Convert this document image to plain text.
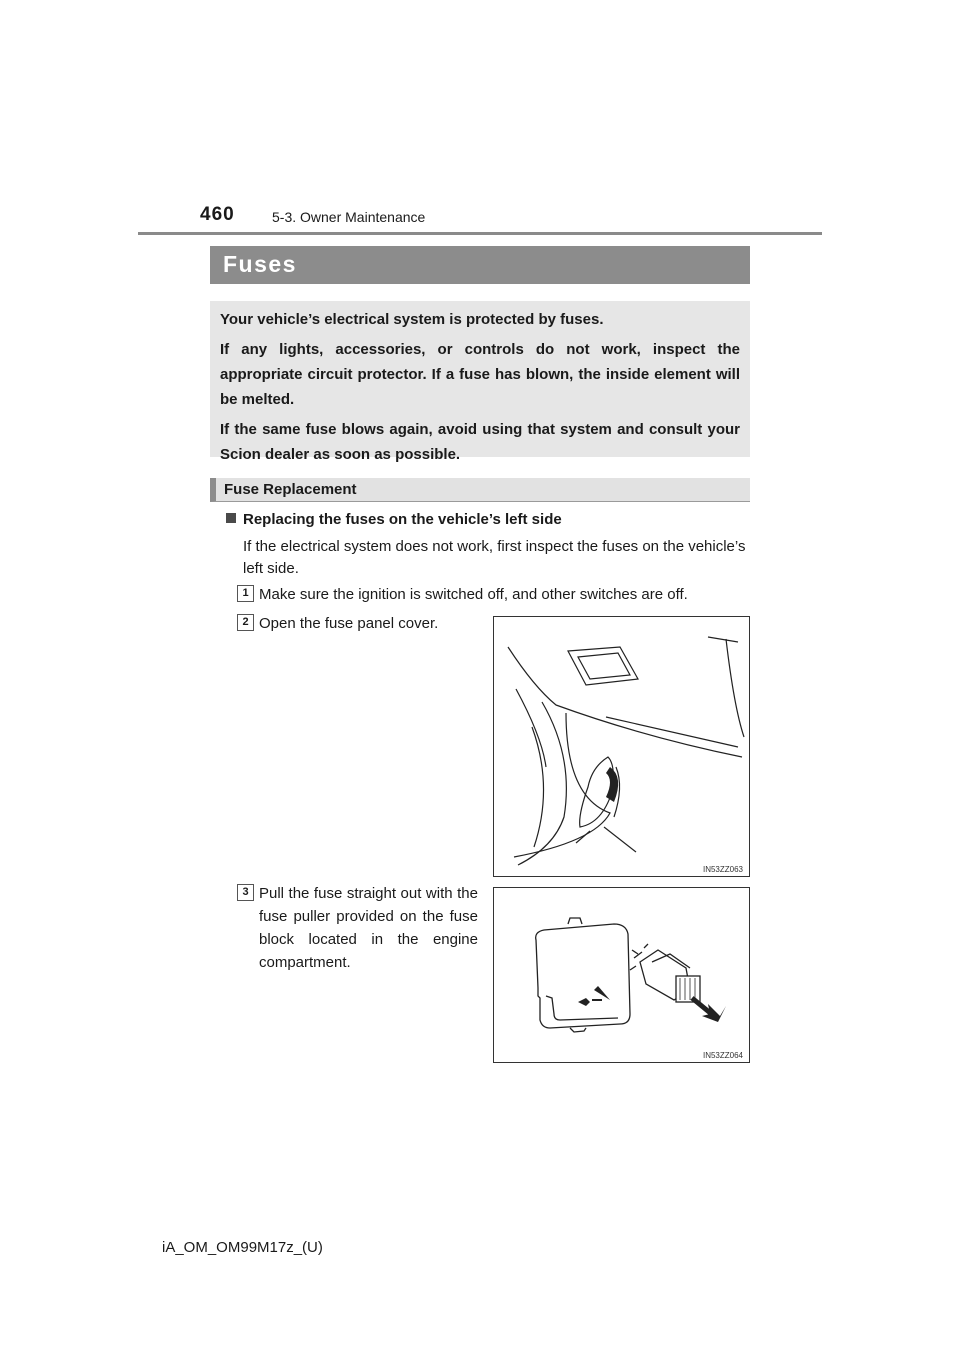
460	5-3. Owner Maintenance
Fuses

Your vehicle’s electrical system is protected by fuses.

If any lights, accessories, or controls do not work, inspect the appropriate circuit protector. If a fuse has blown, the inside element will be melted.

If the same fuse blows again, avoid using that system and consult your Scion dealer as soon as possible.

Fuse Replacement
Replacing the fuses on the vehicle’s left side
If the electrical system does not work, first inspect the fuses on the vehicle’s left side.
1 Make sure the ignition is switched off, and other switches are off.
2 Open the fuse panel cover.
IN53ZZ063
3 Pull the fuse straight out with the fuse puller provided on the fuse block located in the engine compartment.
IN53ZZ064
iA_OM_OM99M17z_(U)
